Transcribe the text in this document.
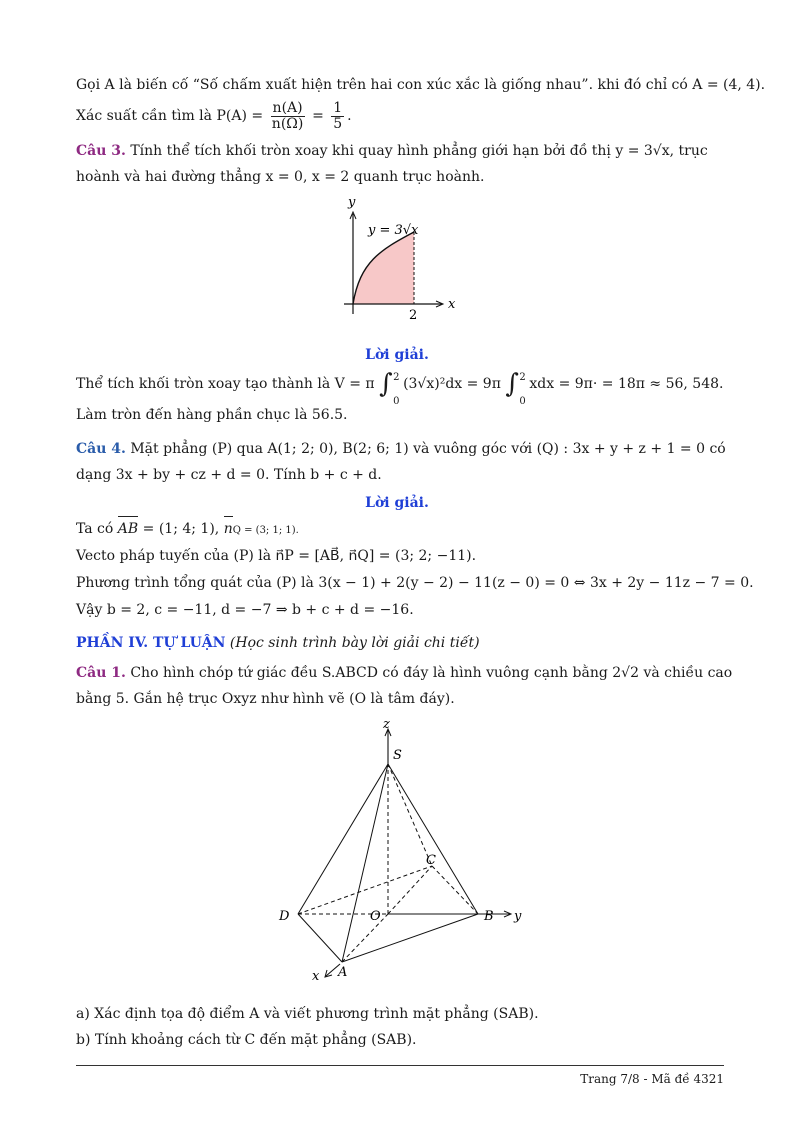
Gọi A là biến cố “Số chấm xuất hiện trên hai con xúc xắc là giống nhau”. khi đó chỉ có A = (4, 4).
Xác suất cần tìm là $P(A) = \frac{n(A)}{n(\Omega)} = \frac{1}{5}$ .
Câu 3. Tính thể tích khối tròn xoay khi quay hình phẳng giới hạn bởi đồ thị y = 3√x, trục
hoành và hai đường thẳng x = 0, x = 2 quanh trục hoành.
y
x
y = 3√x
2
Lời giải.
Thể tích khối tròn xoay tạo thành là V = π ∫ 2
0
(3√x)²dx = 9π ∫ 2
0
xdx = 9π· = 18π ≈ 56, 548.
Làm tròn đến hàng phần chục là 56.5.
Câu 4. Mặt phẳng (P) qua A(1; 2; 0), B(2; 6; 1) và vuông góc với (Q) : 3x + y + z + 1 = 0 có
dạng 3x + by + cz + d = 0. Tính b + c + d.
Lời giải.
Ta có AB = (1; 4; 1), nQ = (3; 1; 1).
Vecto pháp tuyến của (P) là n⃗P = [AB⃗, n⃗Q] = (3; 2; −11).
Phương trình tổng quát của (P) là 3(x − 1) + 2(y − 2) − 11(z − 0) = 0 ⇔ 3x + 2y − 11z − 7 = 0.
Vậy b = 2, c = −11, d = −7 ⇒ b + c + d = −16.
PHẦN IV. TỰ LUẬN (Học sinh trình bày lời giải chi tiết)
Câu 1. Cho hình chóp tứ giác đều S.ABCD có đáy là hình vuông cạnh bằng 2√2 và chiều cao
bằng 5. Gắn hệ trục Oxyz như hình vẽ (O là tâm đáy).
z
S
C
D	O	B y
x A
a) Xác định tọa độ điểm A và viết phương trình mặt phẳng (SAB).
b) Tính khoảng cách từ C đến mặt phẳng (SAB).
Trang 7/8 - Mã đề 4321
